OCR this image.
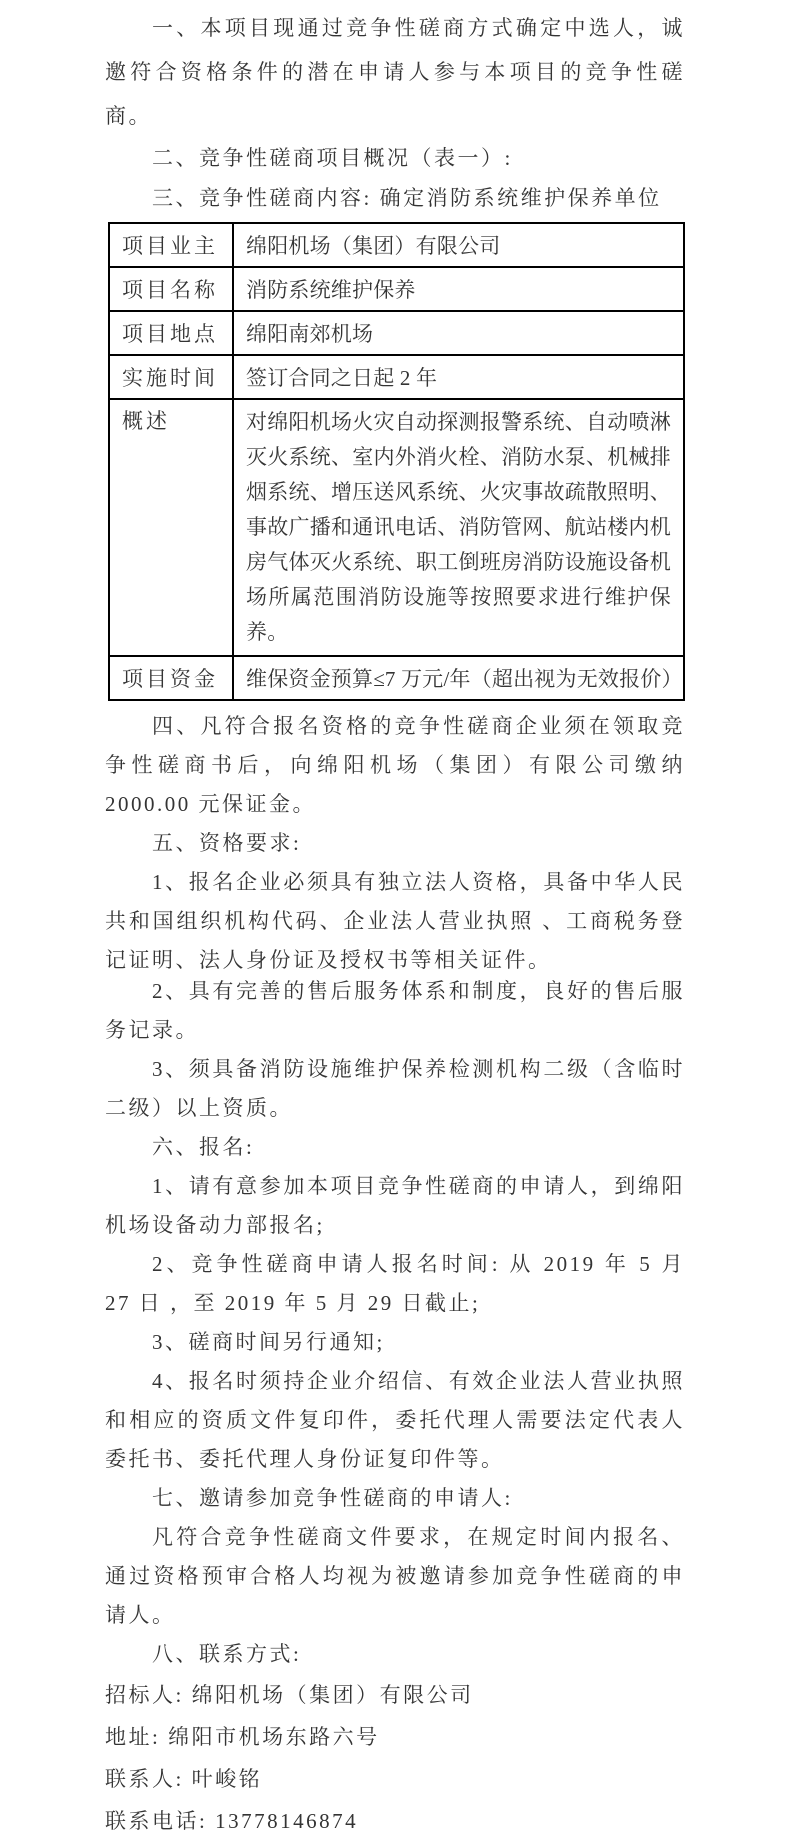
一、本项目现通过竞争性磋商方式确定中选人，诚邀符合资格条件的潜在申请人参与本项目的竞争性磋商。

二、竞争性磋商项目概况（表一）:

三、竞争性磋商内容: 确定消防系统维护保养单位

项目业主	绵阳机场（集团）有限公司
项目名称	消防系统维护保养
项目地点	绵阳南郊机场
实施时间	签订合同之日起 2 年
概述	对绵阳机场火灾自动探测报警系统、自动喷淋灭火系统、室内外消火栓、消防水泵、机械排烟系统、增压送风系统、火灾事故疏散照明、事故广播和通讯电话、消防管网、航站楼内机房气体灭火系统、职工倒班房消防设施设备机场所属范围消防设施等按照要求进行维护保养。
项目资金	维保资金预算≤7 万元/年（超出视为无效报价）

四、凡符合报名资格的竞争性磋商企业须在领取竞争性磋商书后，向绵阳机场（集团）有限公司缴纳 2000.00 元保证金。

五、资格要求:

1、报名企业必须具有独立法人资格，具备中华人民共和国组织机构代码、企业法人营业执照 、工商税务登记证明、法人身份证及授权书等相关证件。

2、具有完善的售后服务体系和制度，良好的售后服务记录。

3、须具备消防设施维护保养检测机构二级（含临时二级）以上资质。

六、报名:

1、请有意参加本项目竞争性磋商的申请人，到绵阳机场设备动力部报名;

2、竞争性磋商申请人报名时间: 从 2019 年 5 月 27 日 ，至 2019 年 5 月 29 日截止;

3、磋商时间另行通知;

4、报名时须持企业介绍信、有效企业法人营业执照和相应的资质文件复印件，委托代理人需要法定代表人委托书、委托代理人身份证复印件等。

七、邀请参加竞争性磋商的申请人:

凡符合竞争性磋商文件要求，在规定时间内报名、通过资格预审合格人均视为被邀请参加竞争性磋商的申请人。

八、联系方式:

招标人: 绵阳机场（集团）有限公司

地址: 绵阳市机场东路六号

联系人: 叶峻铭

联系电话: 13778146874
